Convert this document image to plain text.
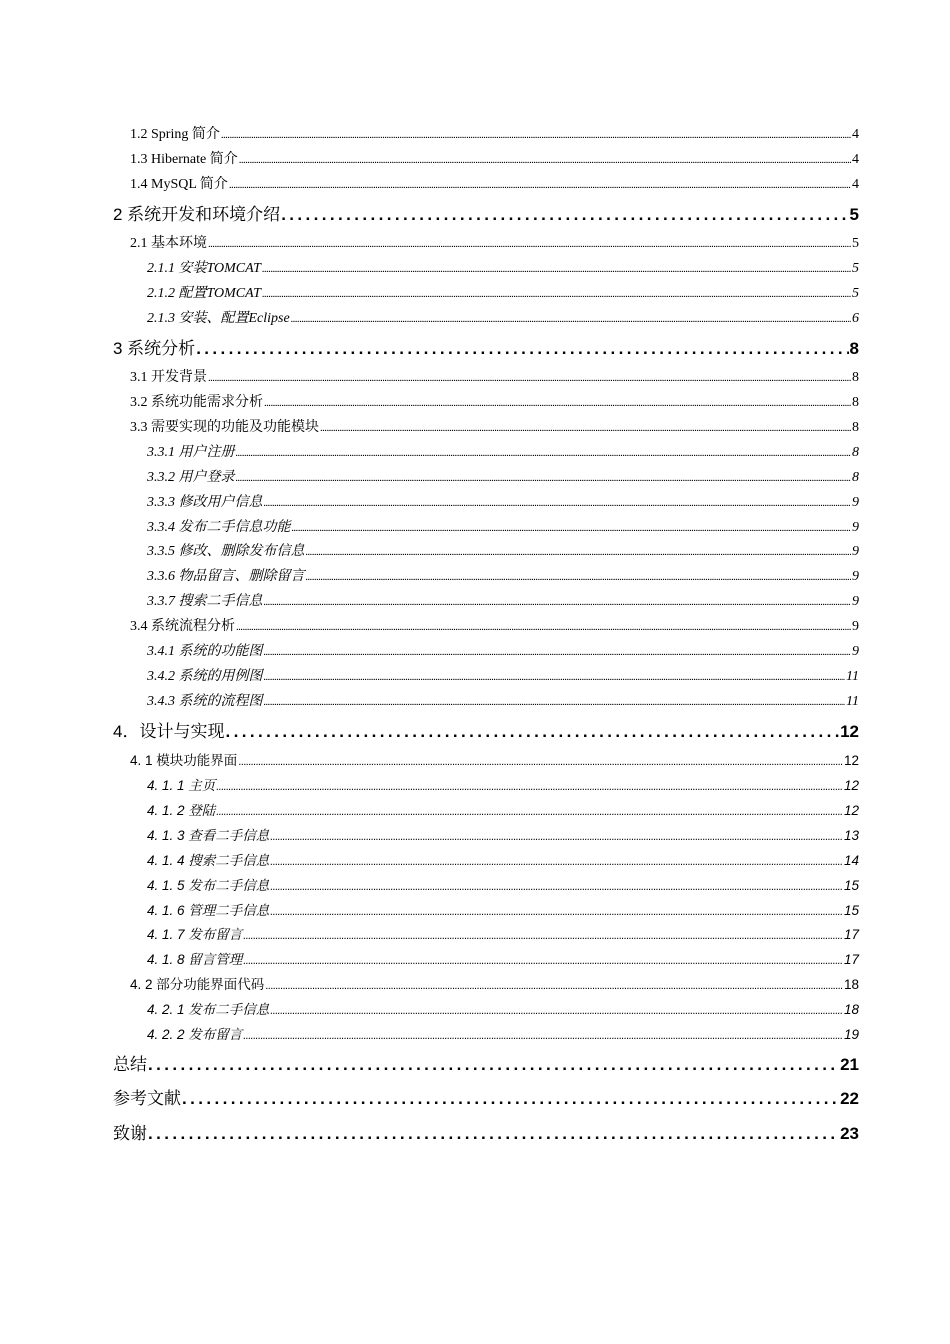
1.2 Spring 简介 .....	4
1.3 Hibernate 简介 .....	4
1.4 MySQL 简介 .....	4
2 系统开发和环境介绍 .....	5
2.1 基本环境 .....	5
2.1.1 安装TOMCAT .....	5
2.1.2 配置TOMCAT .....	5
2.1.3 安装、配置Eclipse .....	6
3 系统分析 .....	8
3.1 开发背景 .....	8
3.2 系统功能需求分析 .....	8
3.3 需要实现的功能及功能模块 .....	8
3.3.1 用户注册 .....	8
3.3.2 用户登录 .....	8
3.3.3 修改用户信息 .....	9
3.3.4 发布二手信息功能 .....	9
3.3.5 修改、删除发布信息 .....	9
3.3.6 物品留言、删除留言 .....	9
3.3.7 搜索二手信息 .....	9
3.4 系统流程分析 .....	9
3.4.1 系统的功能图 .....	9
3.4.2 系统的用例图 .....	11
3.4.3 系统的流程图 .....	11
4．设计与实现 .....	12
4. 1 模块功能界面 .....	12
4. 1. 1 主页 .....	12
4. 1. 2 登陆 .....	12
4. 1. 3 查看二手信息 .....	13
4. 1. 4 搜索二手信息 .....	14
4. 1. 5 发布二手信息 .....	15
4. 1. 6 管理二手信息 .....	15
4. 1. 7 发布留言 .....	17
4. 1. 8 留言管理 .....	17
4. 2 部分功能界面代码 .....	18
4. 2. 1 发布二手信息 .....	18
4. 2. 2 发布留言 .....	19
总结 .....	21
参考文献 .....	22
致谢 .....	23
